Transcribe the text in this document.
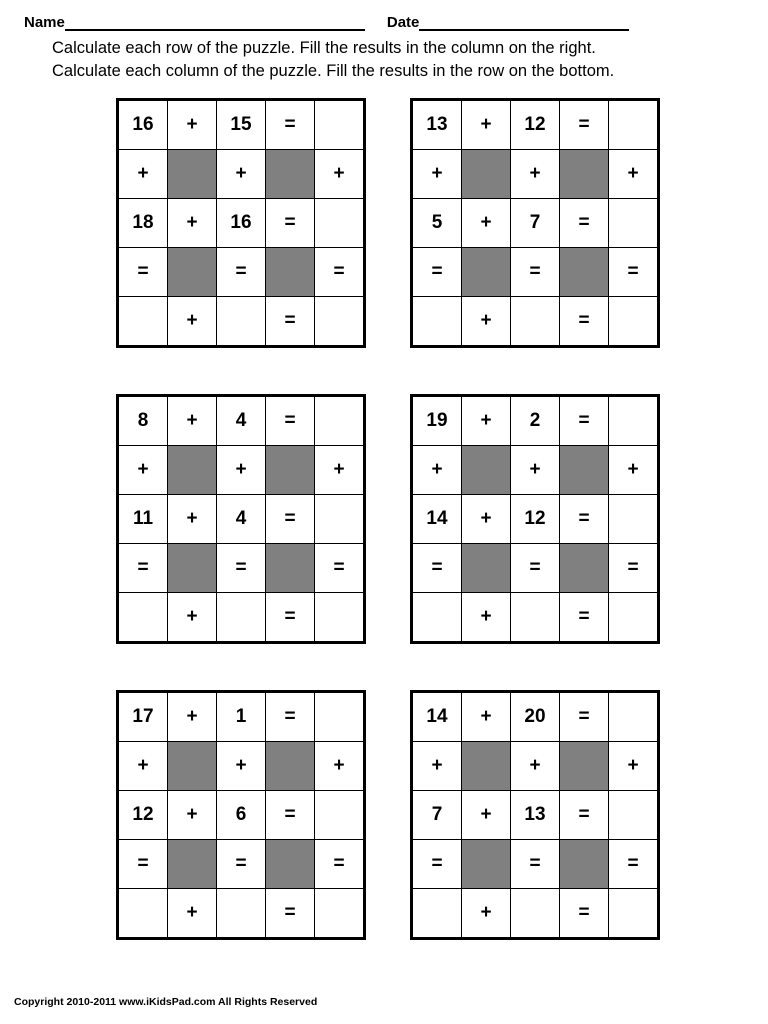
Name	Date
Calculate each row of the puzzle. Fill the results in the column on the right. Calculate each column of the puzzle. Fill the results in the row on the bottom.
16	+	15	=	
+		+		+
18	+	16	=	
=		=		=
	+		=	
13	+	12	=	
+		+		+
5	+	7	=	
=		=		=
	+		=	
8	+	4	=	
+		+		+
11	+	4	=	
=		=		=
	+		=	
19	+	2	=	
+		+		+
14	+	12	=	
=		=		=
	+		=	
17	+	1	=	
+		+		+
12	+	6	=	
=		=		=
	+		=	
14	+	20	=	
+		+		+
7	+	13	=	
=		=		=
	+		=	
Copyright 2010-2011 www.iKidsPad.com All Rights Reserved
